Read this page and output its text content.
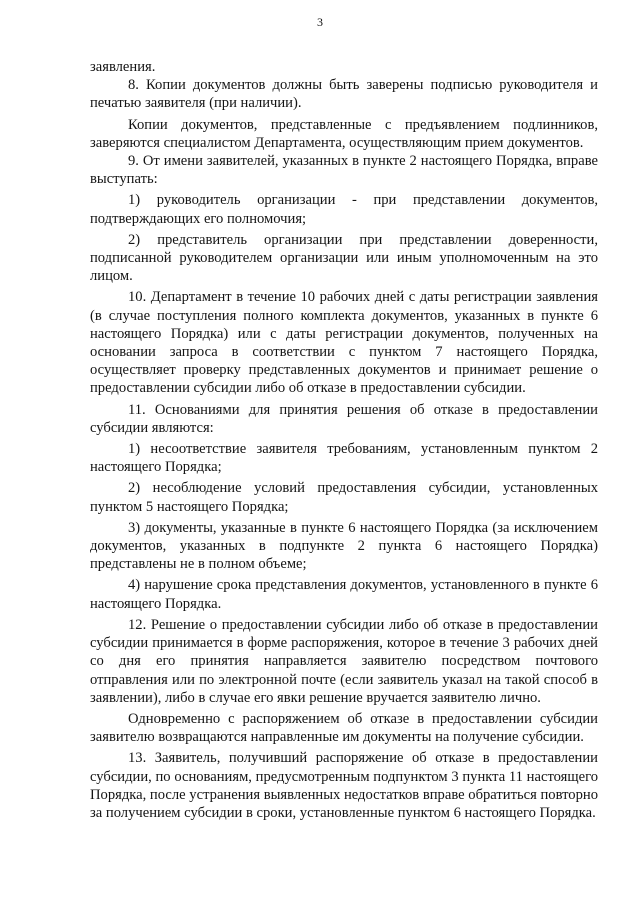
3

заявления.

8. Копии документов должны быть заверены подписью руководителя и печатью заявителя (при наличии).

Копии документов, представленные с предъявлением подлинников, заверяются специалистом Департамента, осуществляющим прием документов.

9. От имени заявителей, указанных в пункте 2 настоящего Порядка, вправе выступать:

1) руководитель организации - при представлении документов, подтверждающих его полномочия;

2) представитель организации при представлении доверенности, подписанной руководителем организации или иным уполномоченным на это лицом.

10. Департамент в течение 10 рабочих дней с даты регистрации заявления (в случае поступления полного комплекта документов, указанных в пункте 6 настоящего Порядка) или с даты регистрации документов, полученных на основании запроса в соответствии с пунктом 7 настоящего Порядка, осуществляет проверку представленных документов и принимает решение о предоставлении субсидии либо об отказе в предоставлении субсидии.

11. Основаниями для принятия решения об отказе в предоставлении субсидии являются:

1) несоответствие заявителя требованиям, установленным пунктом 2 настоящего Порядка;

2) несоблюдение условий предоставления субсидии, установленных пунктом 5 настоящего Порядка;

3) документы, указанные в пункте 6 настоящего Порядка (за исключением документов, указанных в подпункте 2 пункта 6 настоящего Порядка) представлены не в полном объеме;

4) нарушение срока представления документов, установленного в пункте 6 настоящего Порядка.

12. Решение о предоставлении субсидии либо об отказе в предоставлении субсидии принимается в форме распоряжения, которое в течение 3 рабочих дней со дня его принятия направляется заявителю посредством почтового отправления или по электронной почте (если заявитель указал на такой способ в заявлении), либо в случае его явки решение вручается заявителю лично.

Одновременно с распоряжением об отказе в предоставлении субсидии заявителю возвращаются направленные им документы на получение субсидии.

13. Заявитель, получивший распоряжение об отказе в предоставлении субсидии, по основаниям, предусмотренным подпунктом 3 пункта 11 настоящего Порядка, после устранения выявленных недостатков вправе обратиться повторно за получением субсидии в сроки, установленные пунктом 6 настоящего Порядка.
